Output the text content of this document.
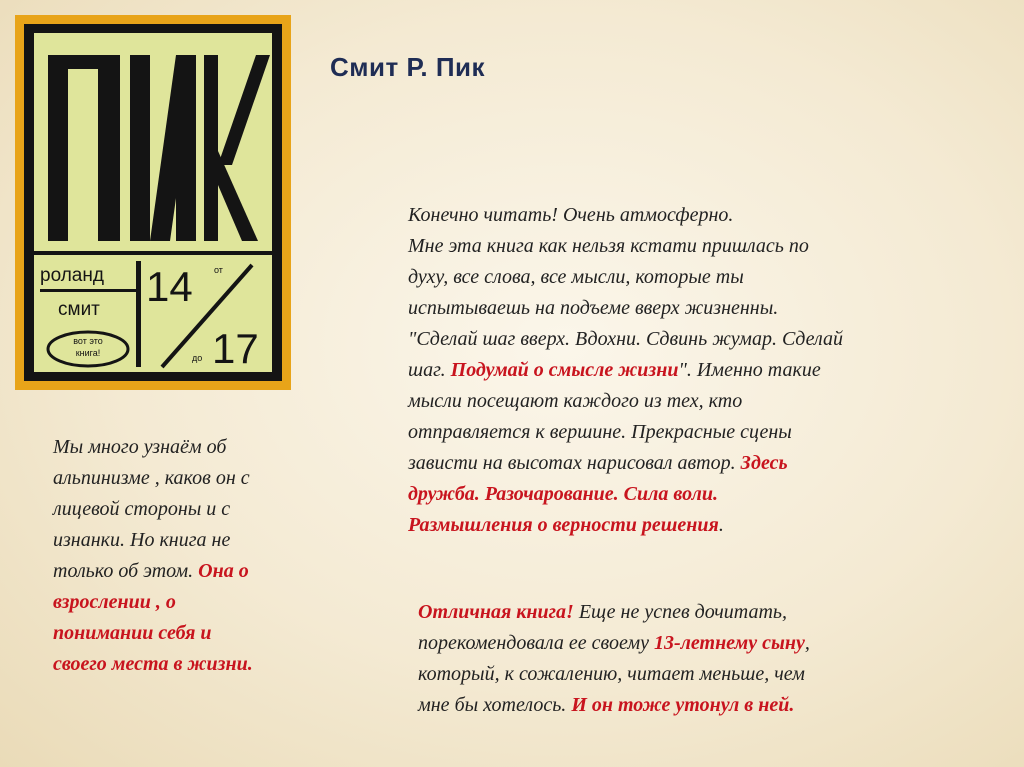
роланд
смит
вот это
книга!
14 от
до 17
Смит Р. Пик
Мы много узнаём об
альпинизме , каков он с
лицевой стороны и с
изнанки. Но книга не
только об этом. Она о
взрослении , о
понимании себя и
своего места в жизни.
Конечно читать! Очень атмосферно.
Мне эта книга как нельзя кстати пришлась по
духу, все слова, все мысли, которые ты
испытываешь на подъеме вверх жизненны.
"Сделай шаг вверх. Вдохни. Сдвинь жумар. Сделай
шаг. Подумай о смысле жизни". Именно такие
мысли посещают каждого из тех, кто
отправляется к вершине. Прекрасные сцены
зависти на высотах нарисовал автор. Здесь
дружба. Разочарование. Сила воли.
Размышления о верности решения.
Отличная книга! Еще не успев дочитать,
порекомендовала ее своему 13-летнему сыну,
который, к сожалению, читает меньше, чем
мне бы хотелось. И он тоже утонул в ней.
